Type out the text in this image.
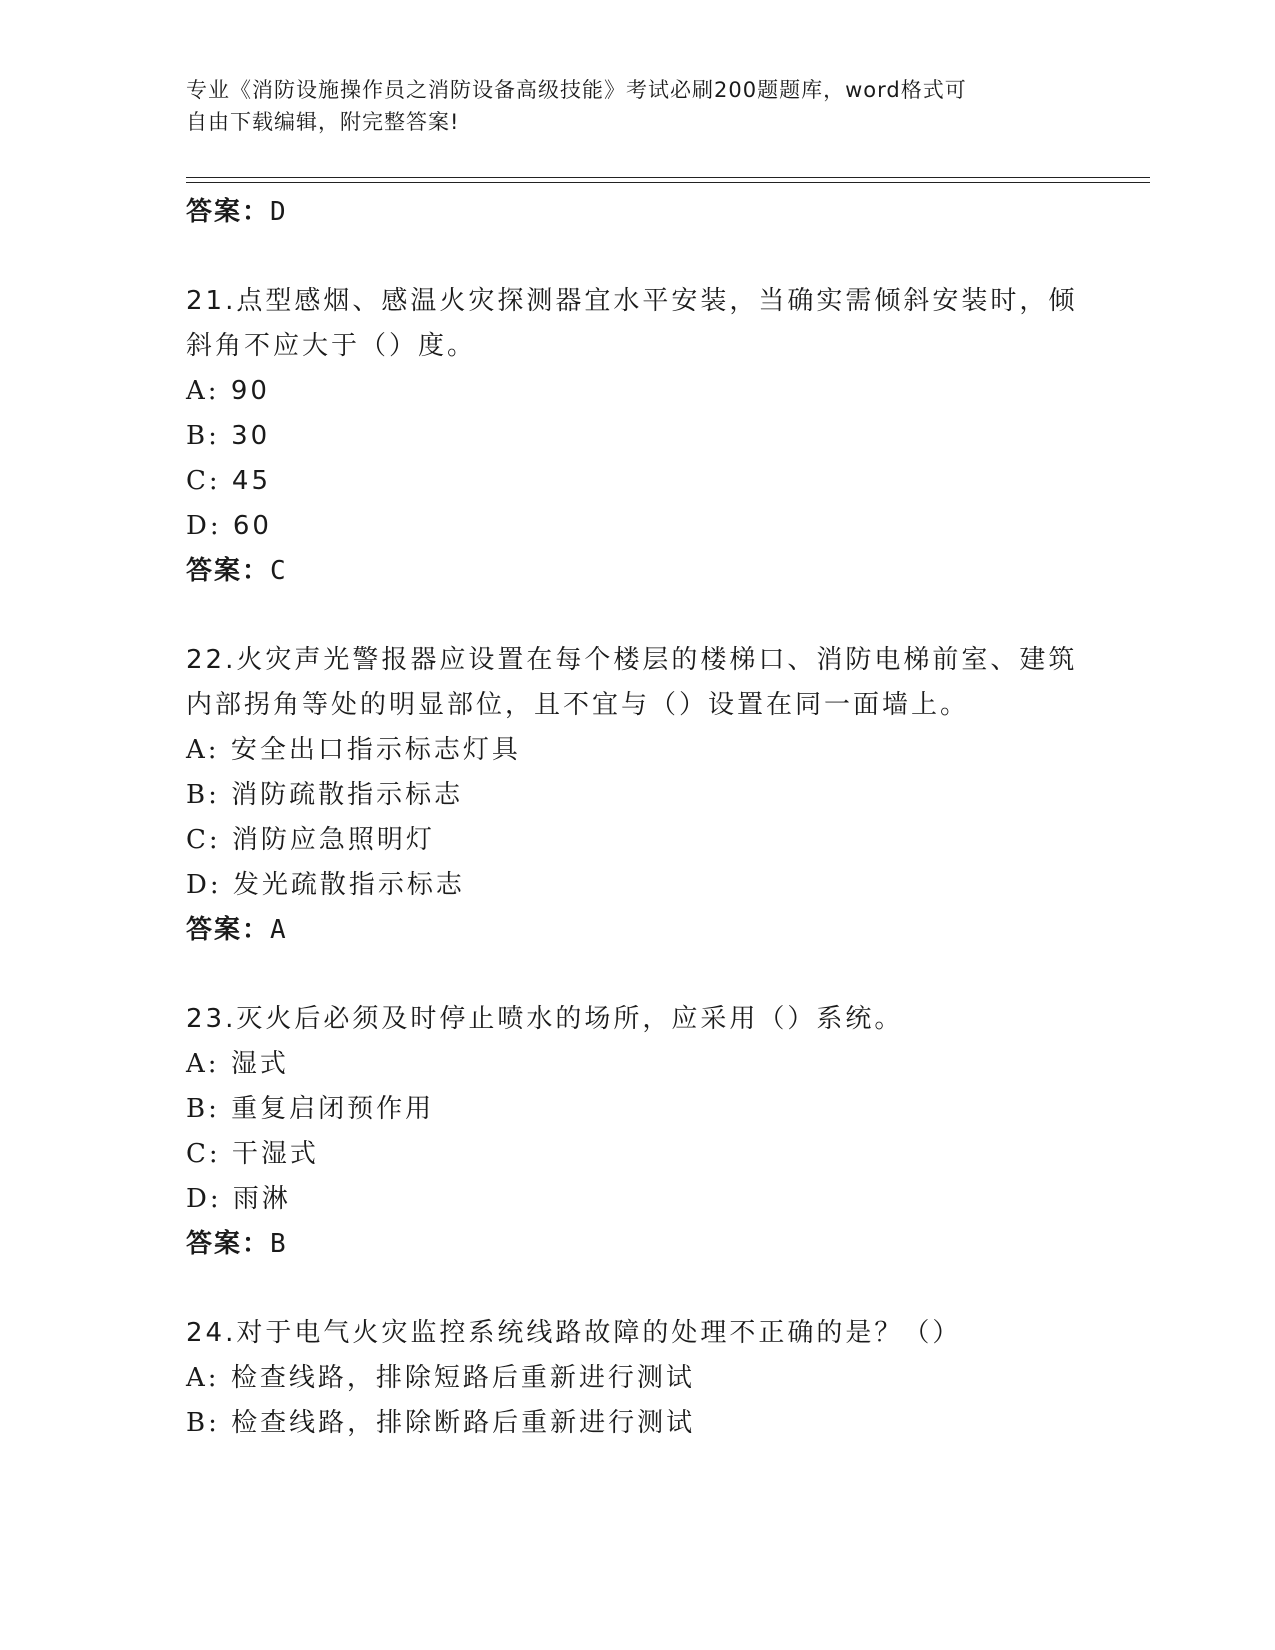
专业《消防设施操作员之消防设备高级技能》考试必刷200题题库，word格式可
自由下载编辑，附完整答案!
答案：D
21.点型感烟、感温火灾探测器宜水平安装，当确实需倾斜安装时，倾
斜角不应大于（）度。
A: 90
B: 30
C: 45
D: 60
答案：C
22.火灾声光警报器应设置在每个楼层的楼梯口、消防电梯前室、建筑
内部拐角等处的明显部位，且不宜与（）设置在同一面墙上。
A: 安全出口指示标志灯具
B: 消防疏散指示标志
C: 消防应急照明灯
D: 发光疏散指示标志
答案：A
23.灭火后必须及时停止喷水的场所，应采用（）系统。
A: 湿式
B: 重复启闭预作用
C: 干湿式
D: 雨淋
答案：B
24.对于电气火灾监控系统线路故障的处理不正确的是？（）
A: 检查线路，排除短路后重新进行测试
B: 检查线路，排除断路后重新进行测试
